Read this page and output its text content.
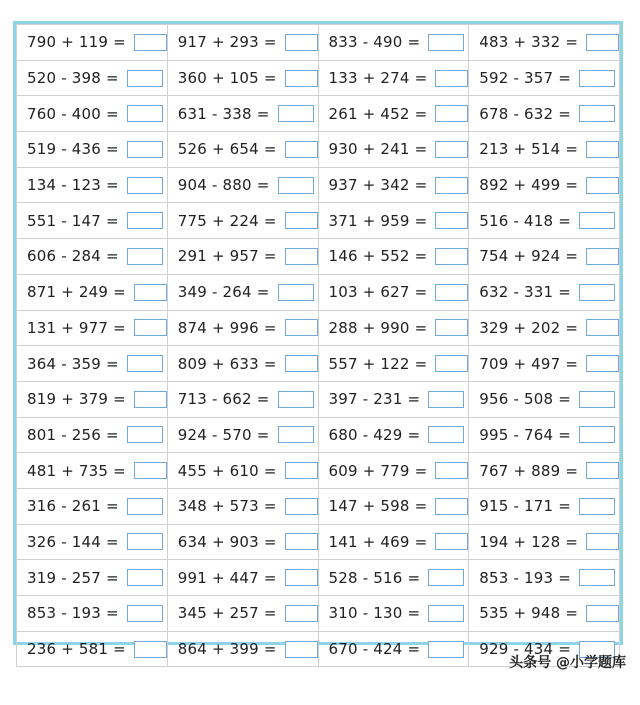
790 + 119 =	917 + 293 =	833 - 490 =	483 + 332 =

520 - 398 =	360 + 105 =	133 + 274 =	592 - 357 =

760 - 400 =	631 - 338 =	261 + 452 =	678 - 632 =

519 - 436 =	526 + 654 =	930 + 241 =	213 + 514 =

134 - 123 =	904 - 880 =	937 + 342 =	892 + 499 =

551 - 147 =	775 + 224 =	371 + 959 =	516 - 418 =

606 - 284 =	291 + 957 =	146 + 552 =	754 + 924 =

871 + 249 =	349 - 264 =	103 + 627 =	632 - 331 =

131 + 977 =	874 + 996 =	288 + 990 =	329 + 202 =

364 - 359 =	809 + 633 =	557 + 122 =	709 + 497 =

819 + 379 =	713 - 662 =	397 - 231 =	956 - 508 =

801 - 256 =	924 - 570 =	680 - 429 =	995 - 764 =

481 + 735 =	455 + 610 =	609 + 779 =	767 + 889 =

316 - 261 =	348 + 573 =	147 + 598 =	915 - 171 =

326 - 144 =	634 + 903 =	141 + 469 =	194 + 128 =

319 - 257 =	991 + 447 =	528 - 516 =	853 - 193 =

853 - 193 =	345 + 257 =	310 - 130 =	535 + 948 =

236 + 581 =	864 + 399 =	670 - 424 =	929 - 434 =
头条号 @小学题库
